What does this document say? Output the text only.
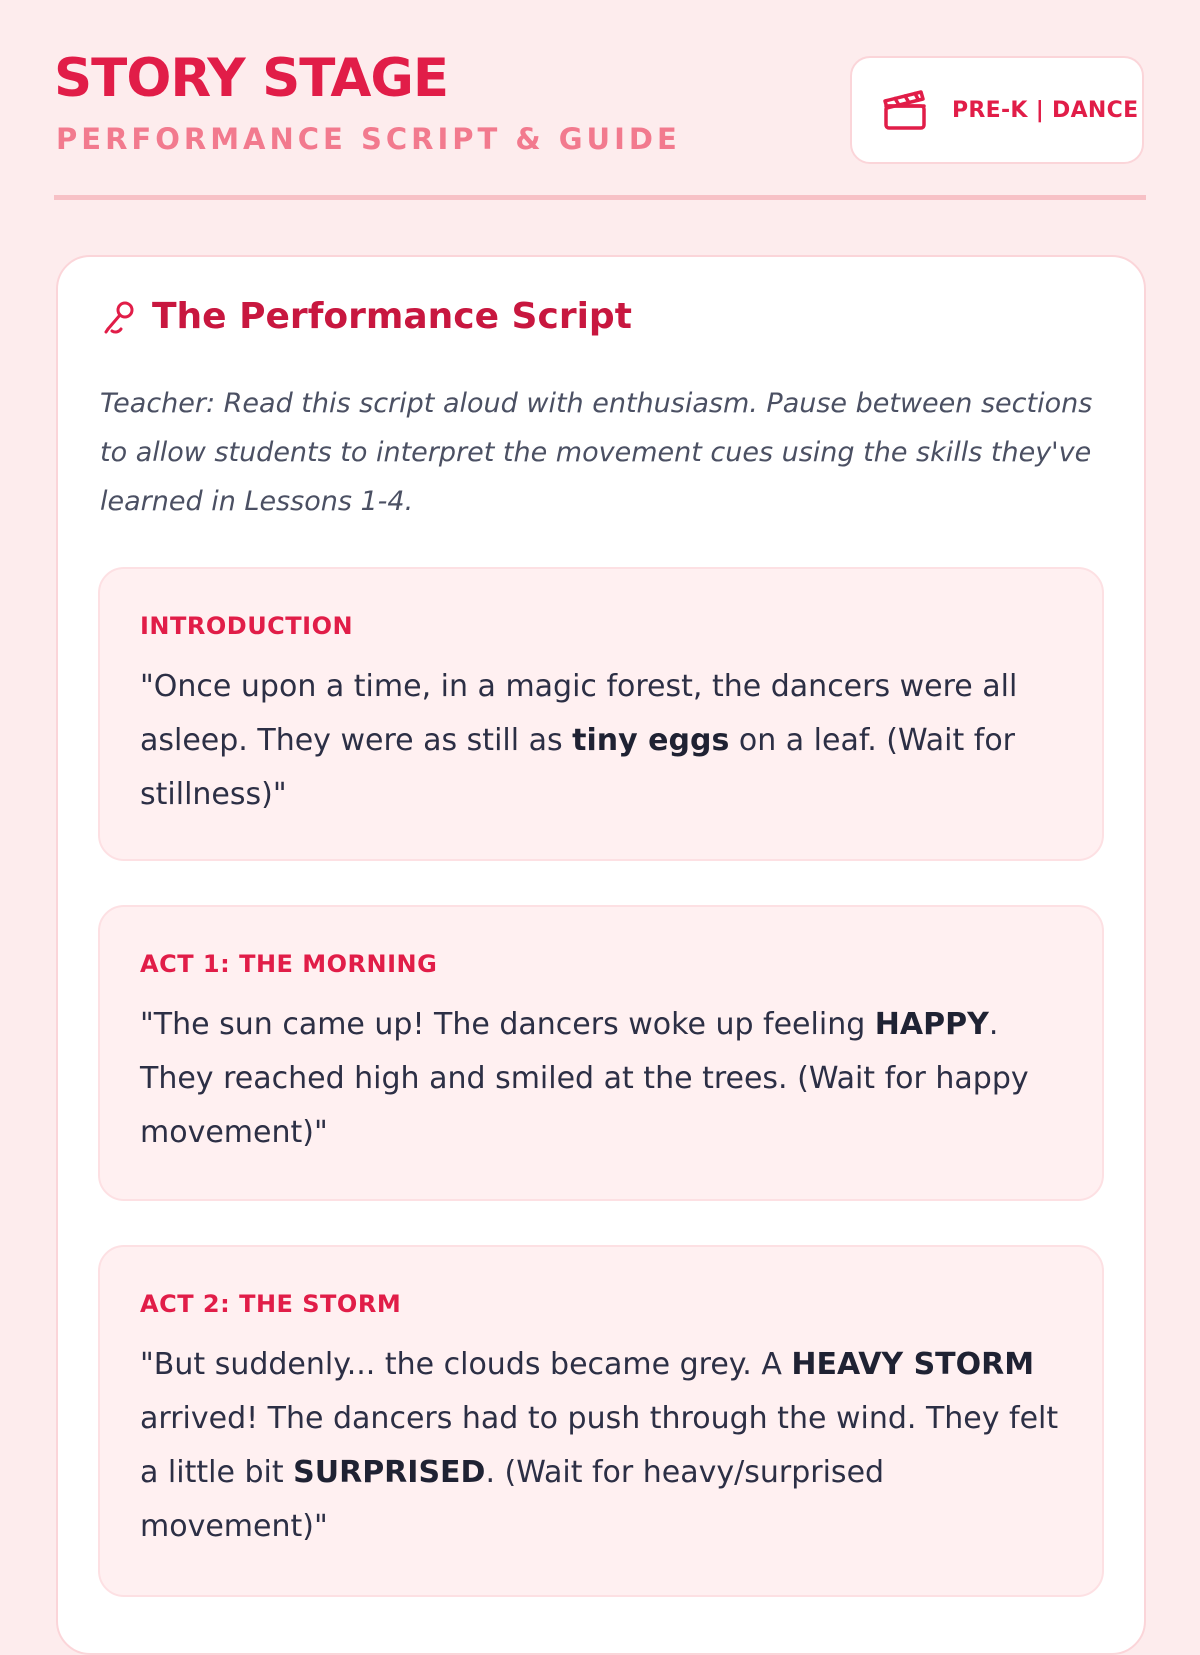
STORY STAGE
PERFORMANCE SCRIPT & GUIDE
PRE-K | DANCE
The Performance Script
Teacher: Read this script aloud with enthusiasm. Pause between sections to allow students to interpret the movement cues using the skills they've learned in Lessons 1-4.
INTRODUCTION
"Once upon a time, in a magic forest, the dancers were all asleep. They were as still as tiny eggs on a leaf. (Wait for stillness)"
ACT 1: THE MORNING
"The sun came up! The dancers woke up feeling HAPPY. They reached high and smiled at the trees. (Wait for happy movement)"
ACT 2: THE STORM
"But suddenly... the clouds became grey. A HEAVY STORM arrived! The dancers had to push through the wind. They felt a little bit SURPRISED. (Wait for heavy/surprised movement)"
